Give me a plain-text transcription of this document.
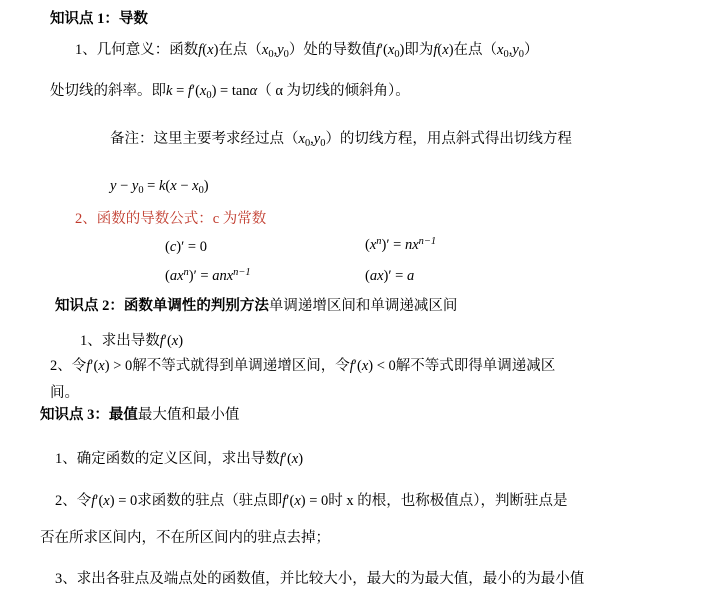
知识点 1：导数
1、几何意义：函数f(x)在点$(x_0,y_0)$处的导数值$f'(x_0)$即为f(x)在点$(x_0,y_0)$
处切线的斜率。即$k = f'(x_0) = \tan\alpha$（ α 为切线的倾斜角）。
备注：这里主要考求经过点$(x_0,y_0)$的切线方程，用点斜式得出切线方程
$y - y_0 = k(x - x_0)$
2、函数的导数公式：c 为常数
(c)′ = 0	$(x^n)' = nx^{n-1}$
$(ax^n)' = anx^{n-1}$	(ax)′ = a
知识点 2：函数单调性的判别方法单调递增区间和单调递减区间
1、求出导数f′(x)
2、令f′(x) > 0解不等式就得到单调递增区间，令f′(x) < 0解不等式即得单调递减区
间。
知识点 3：最值最大值和最小值
1、确定函数的定义区间，求出导数f′(x)
2、令f′(x) = 0求函数的驻点（驻点即f′(x) = 0时 x 的根，也称极值点），判断驻点是
否在所求区间内，不在所区间内的驻点去掉；
3、求出各驻点及端点处的函数值，并比较大小，最大的为最大值，最小的为最小值
